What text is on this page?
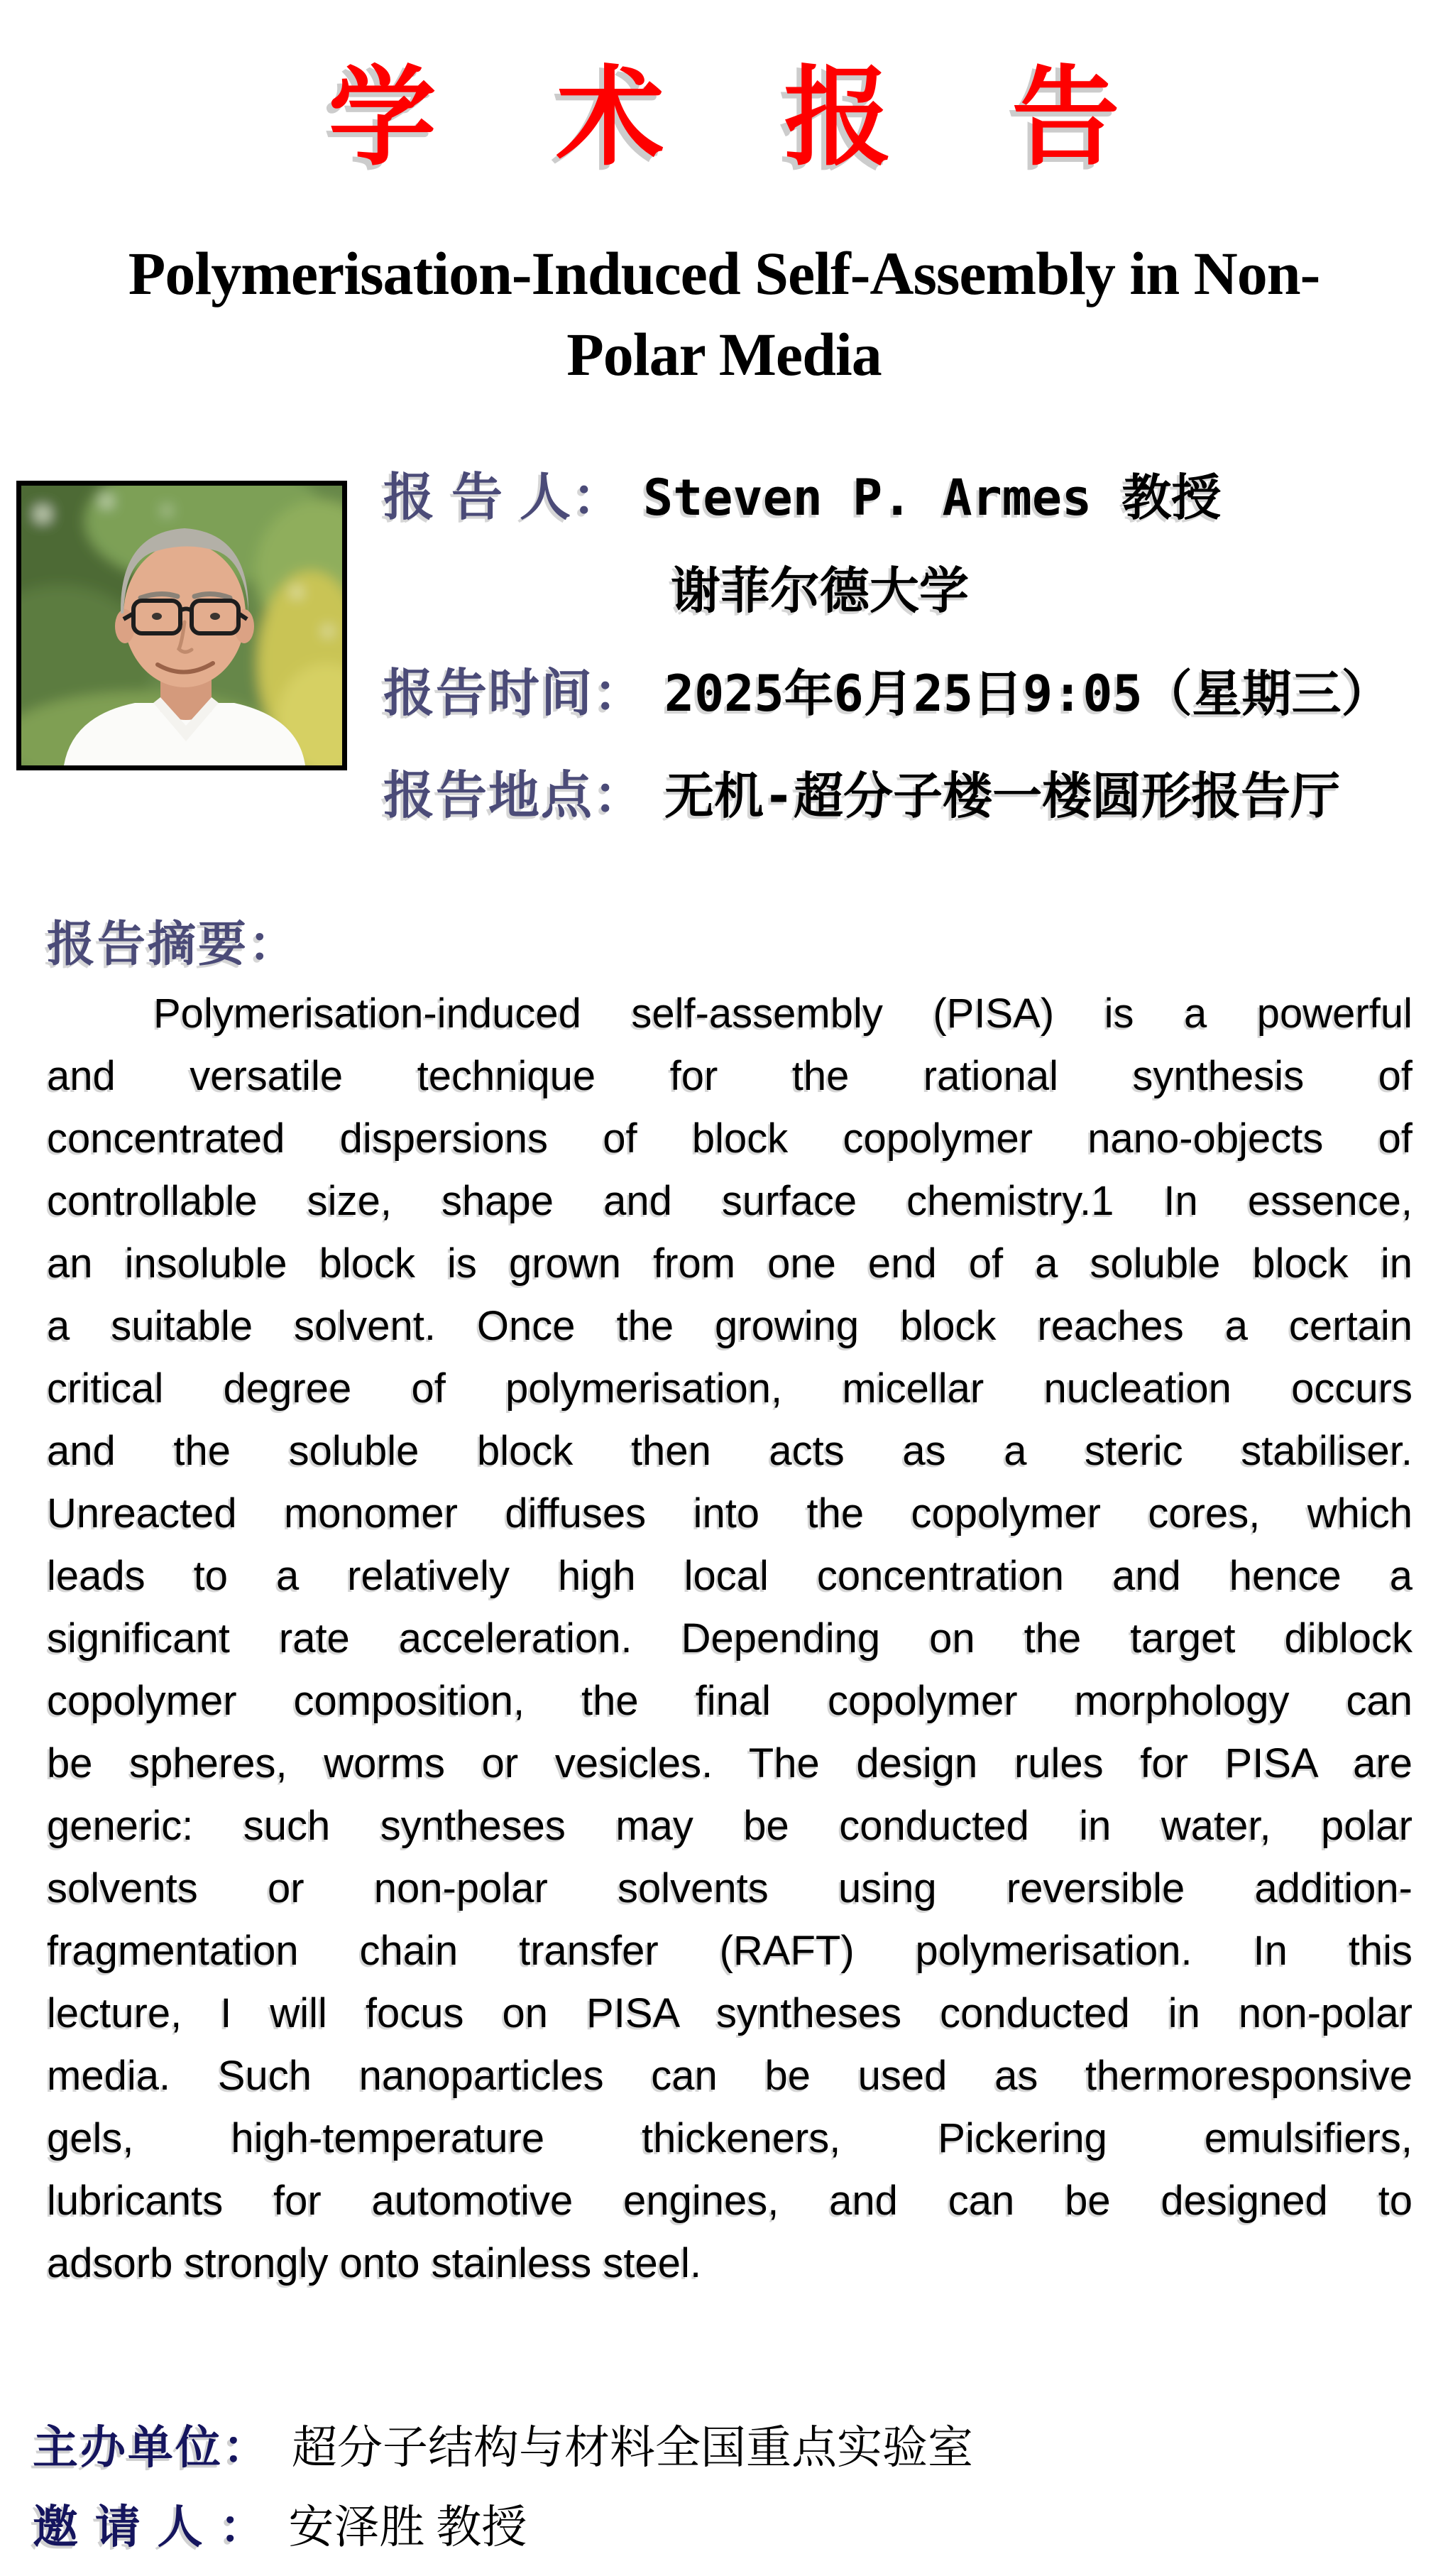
学 术 报 告
Polymerisation-Induced Self-Assembly in Non-
Polar Media
报 告 人： Steven P. Armes 教授
谢菲尔德大学
报告时间： 2025年6月25日9:05（星期三）
报告地点： 无机-超分子楼一楼圆形报告厅
报告摘要：
Polymerisation-induced self-assembly (PISA) is a powerful
and versatile technique for the rational synthesis of
concentrated dispersions of block copolymer nano-objects of
controllable size, shape and surface chemistry.1 In essence,
an insoluble block is grown from one end of a soluble block in
a suitable solvent. Once the growing block reaches a certain
critical degree of polymerisation, micellar nucleation occurs
and the soluble block then acts as a steric stabiliser.
Unreacted monomer diffuses into the copolymer cores, which
leads to a relatively high local concentration and hence a
significant rate acceleration. Depending on the target diblock
copolymer composition, the final copolymer morphology can
be spheres, worms or vesicles. The design rules for PISA are
generic: such syntheses may be conducted in water, polar
solvents or non-polar solvents using reversible addition-
fragmentation chain transfer (RAFT) polymerisation. In this
lecture, I will focus on PISA syntheses conducted in non-polar
media. Such nanoparticles can be used as thermoresponsive
gels, high-temperature thickeners, Pickering emulsifiers,
lubricants for automotive engines, and can be designed to
adsorb strongly onto stainless steel.
主办单位： 超分子结构与材料全国重点实验室
邀 请 人 ： 安泽胜 教授
